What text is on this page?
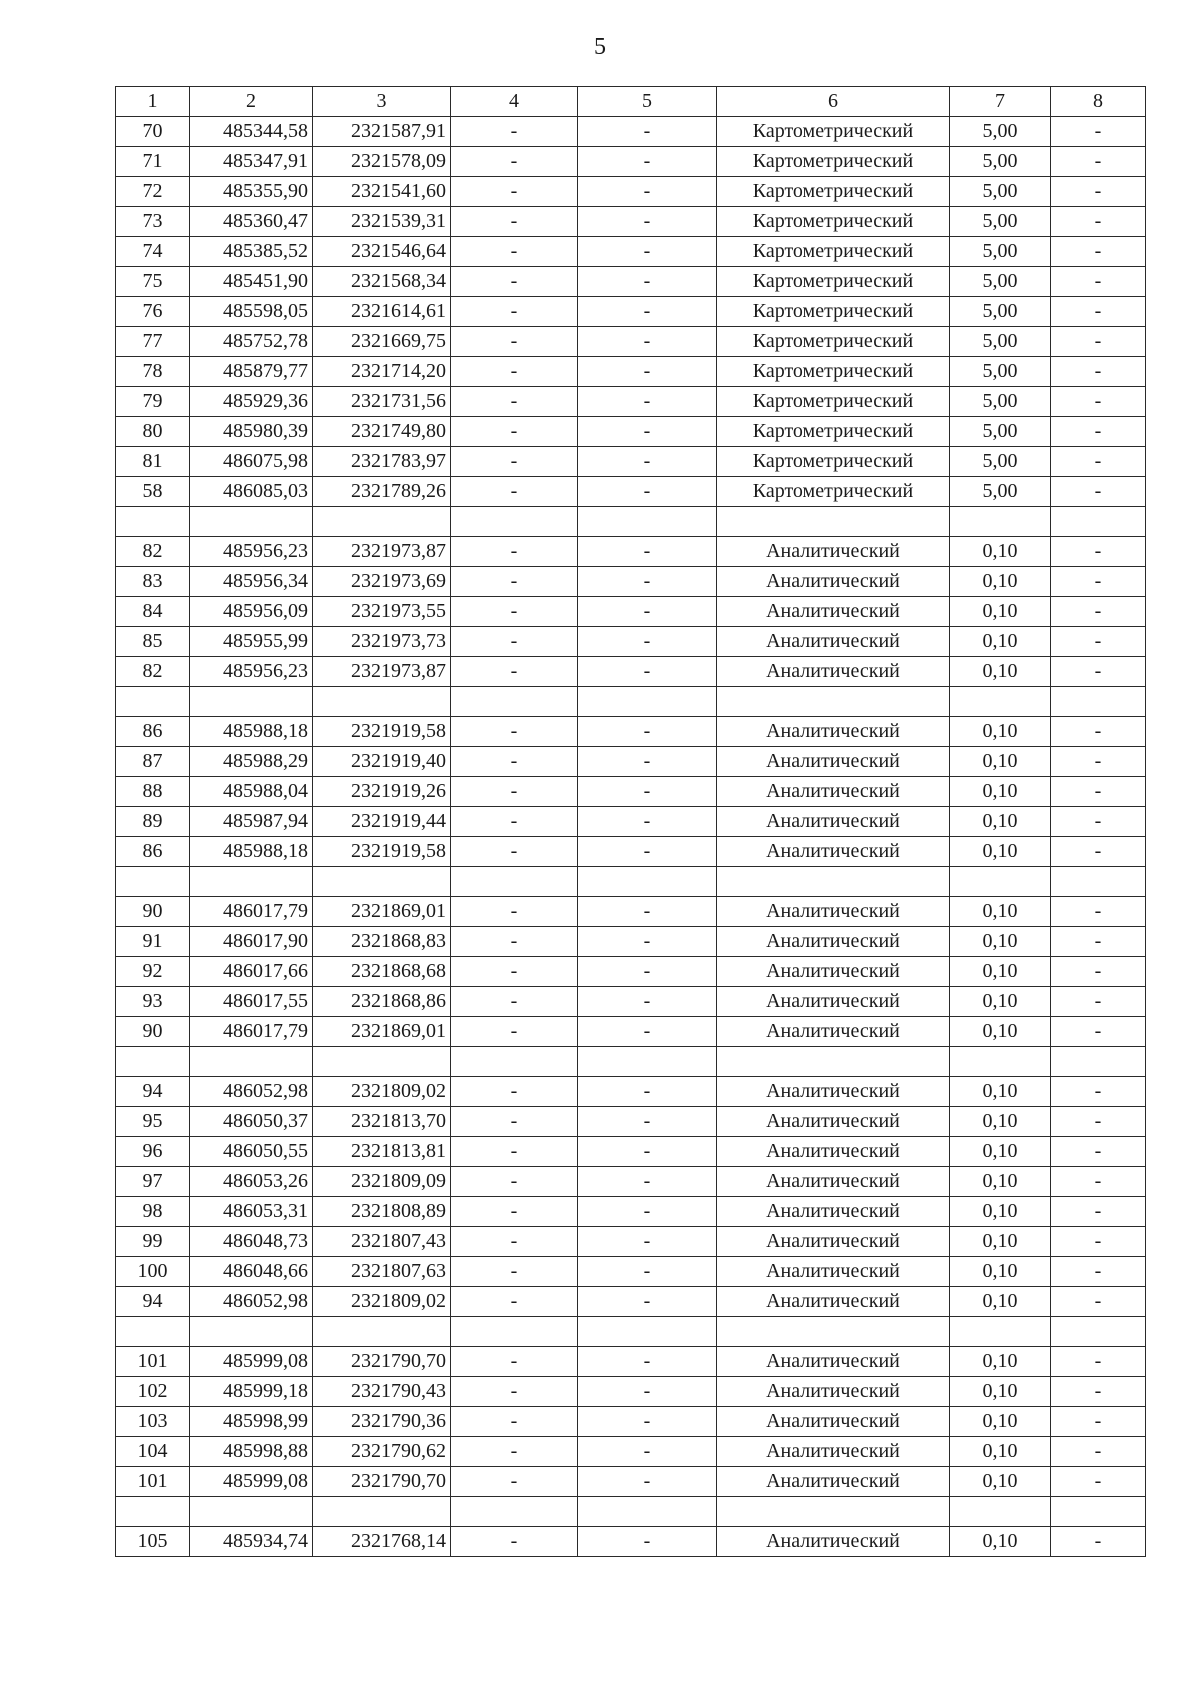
5
1	2	3	4	5	6	7	8
70	485344,58	2321587,91	-	-	Картометрический	5,00	-
71	485347,91	2321578,09	-	-	Картометрический	5,00	-
72	485355,90	2321541,60	-	-	Картометрический	5,00	-
73	485360,47	2321539,31	-	-	Картометрический	5,00	-
74	485385,52	2321546,64	-	-	Картометрический	5,00	-
75	485451,90	2321568,34	-	-	Картометрический	5,00	-
76	485598,05	2321614,61	-	-	Картометрический	5,00	-
77	485752,78	2321669,75	-	-	Картометрический	5,00	-
78	485879,77	2321714,20	-	-	Картометрический	5,00	-
79	485929,36	2321731,56	-	-	Картометрический	5,00	-
80	485980,39	2321749,80	-	-	Картометрический	5,00	-
81	486075,98	2321783,97	-	-	Картометрический	5,00	-
58	486085,03	2321789,26	-	-	Картометрический	5,00	-

82	485956,23	2321973,87	-	-	Аналитический	0,10	-
83	485956,34	2321973,69	-	-	Аналитический	0,10	-
84	485956,09	2321973,55	-	-	Аналитический	0,10	-
85	485955,99	2321973,73	-	-	Аналитический	0,10	-
82	485956,23	2321973,87	-	-	Аналитический	0,10	-

86	485988,18	2321919,58	-	-	Аналитический	0,10	-
87	485988,29	2321919,40	-	-	Аналитический	0,10	-
88	485988,04	2321919,26	-	-	Аналитический	0,10	-
89	485987,94	2321919,44	-	-	Аналитический	0,10	-
86	485988,18	2321919,58	-	-	Аналитический	0,10	-

90	486017,79	2321869,01	-	-	Аналитический	0,10	-
91	486017,90	2321868,83	-	-	Аналитический	0,10	-
92	486017,66	2321868,68	-	-	Аналитический	0,10	-
93	486017,55	2321868,86	-	-	Аналитический	0,10	-
90	486017,79	2321869,01	-	-	Аналитический	0,10	-

94	486052,98	2321809,02	-	-	Аналитический	0,10	-
95	486050,37	2321813,70	-	-	Аналитический	0,10	-
96	486050,55	2321813,81	-	-	Аналитический	0,10	-
97	486053,26	2321809,09	-	-	Аналитический	0,10	-
98	486053,31	2321808,89	-	-	Аналитический	0,10	-
99	486048,73	2321807,43	-	-	Аналитический	0,10	-
100	486048,66	2321807,63	-	-	Аналитический	0,10	-
94	486052,98	2321809,02	-	-	Аналитический	0,10	-

101	485999,08	2321790,70	-	-	Аналитический	0,10	-
102	485999,18	2321790,43	-	-	Аналитический	0,10	-
103	485998,99	2321790,36	-	-	Аналитический	0,10	-
104	485998,88	2321790,62	-	-	Аналитический	0,10	-
101	485999,08	2321790,70	-	-	Аналитический	0,10	-

105	485934,74	2321768,14	-	-	Аналитический	0,10	-
